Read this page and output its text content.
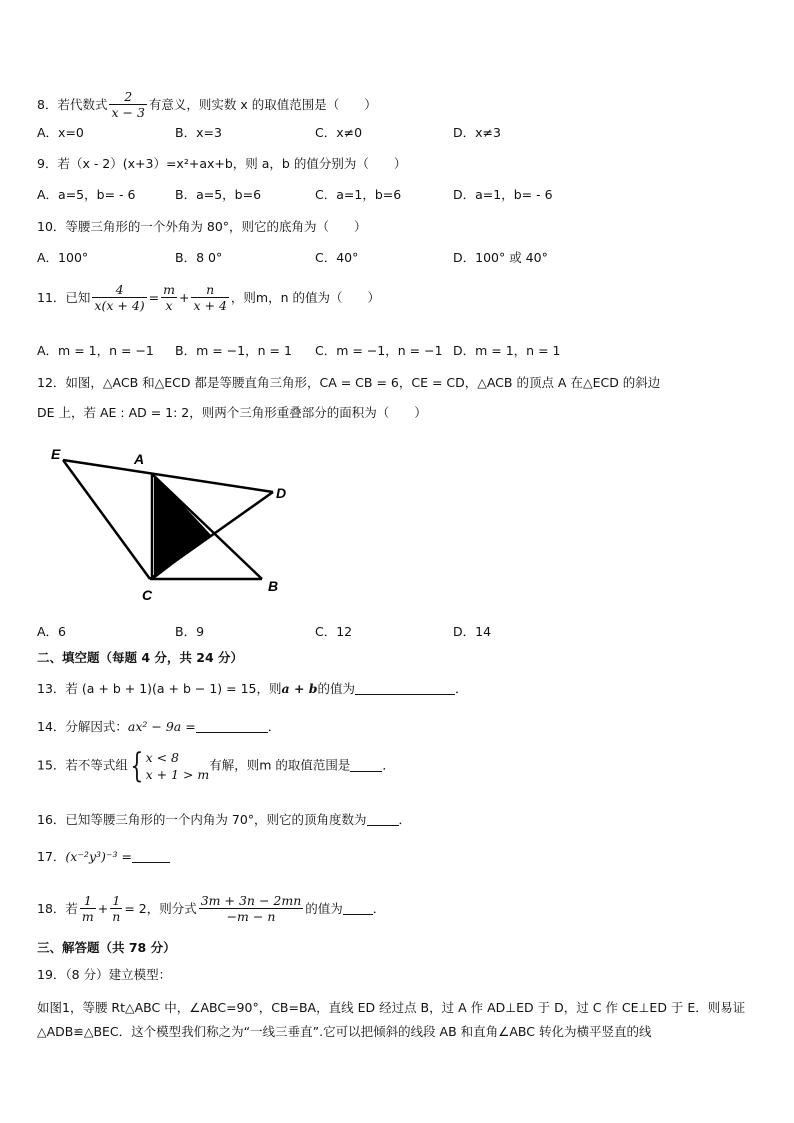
8．若代数式 $\frac{2}{x - 3}$ 有意义，则实数 x 的取值范围是（　　）
A．x=0	B．x=3	C．x≠0	D．x≠3
9．若（x - 2）(x+3）=x²+ax+b，则 a，b 的值分别为（　　）
A．a=5，b= - 6	B．a=5，b=6	C．a=1，b=6	D．a=1，b= - 6
10．等腰三角形的一个外角为 80°，则它的底角为（　　）
A．100°	B．8 0°	C．40°	D．100° 或 40°
11．已知 $\frac{4}{x(x + 4)} = \frac{m}{x} + \frac{n}{x + 4}$ ，则m，n 的值为（　　）
A．m = 1，n = −1 B．m = −1，n = 1 C．m = −1，n = −1 D．m = 1，n = 1
12．如图，△ACB 和△ECD 都是等腰直角三角形，CA = CB = 6，CE = CD，△ACB 的顶点 A 在△ECD 的斜边
DE 上，若 AE : AD = 1: 2，则两个三角形重叠部分的面积为（　　）
E	A
D
C
B
A．6	B．9	C．12	D．14
二、填空题（每题 4 分，共 24 分）
13．若 (a + b + 1)(a + b − 1) = 15，则a + b的值为	．
14．分解因式：ax² − 9a =	．
15．若不等式组{ x < 8
x + 1 > m
有解，则m 的取值范围是	．
16．已知等腰三角形的一个内角为 70°，则它的顶角度数为	．
17．(x⁻²y³)⁻³ =
18．若 $\frac{1}{m} + \frac{1}{n} = 2$，则分式 $\frac{3m + 3n - 2mn}{-m - n}$ 的值为 ．
三、解答题（共 78 分）
19．（8 分）建立模型：
如图1，等腰 Rt△ABC 中，∠ABC=90°，CB=BA，直线 ED 经过点 B，过 A 作 AD⊥ED 于 D，过 C 作 CE⊥ED 于 E．则易证△ADB≌△BEC．这个模型我们称之为“一线三垂直”.它可以把倾斜的线段 AB 和直角∠ABC 转化为横平竖直的线
